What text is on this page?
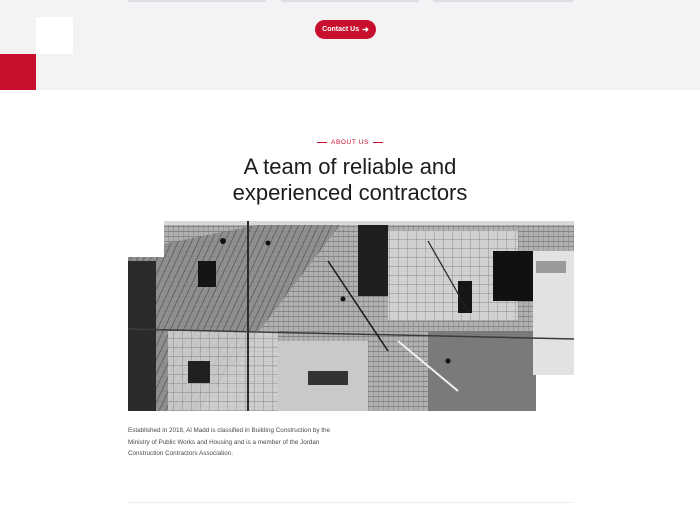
Contact Us ➜
ABOUT US
A team of reliable and
experienced contractors

Established in 2018, Al Madd is classified in Building Construction by the Ministry of Public Works and Housing and is a member of the Jordan Construction Contractors Association.
